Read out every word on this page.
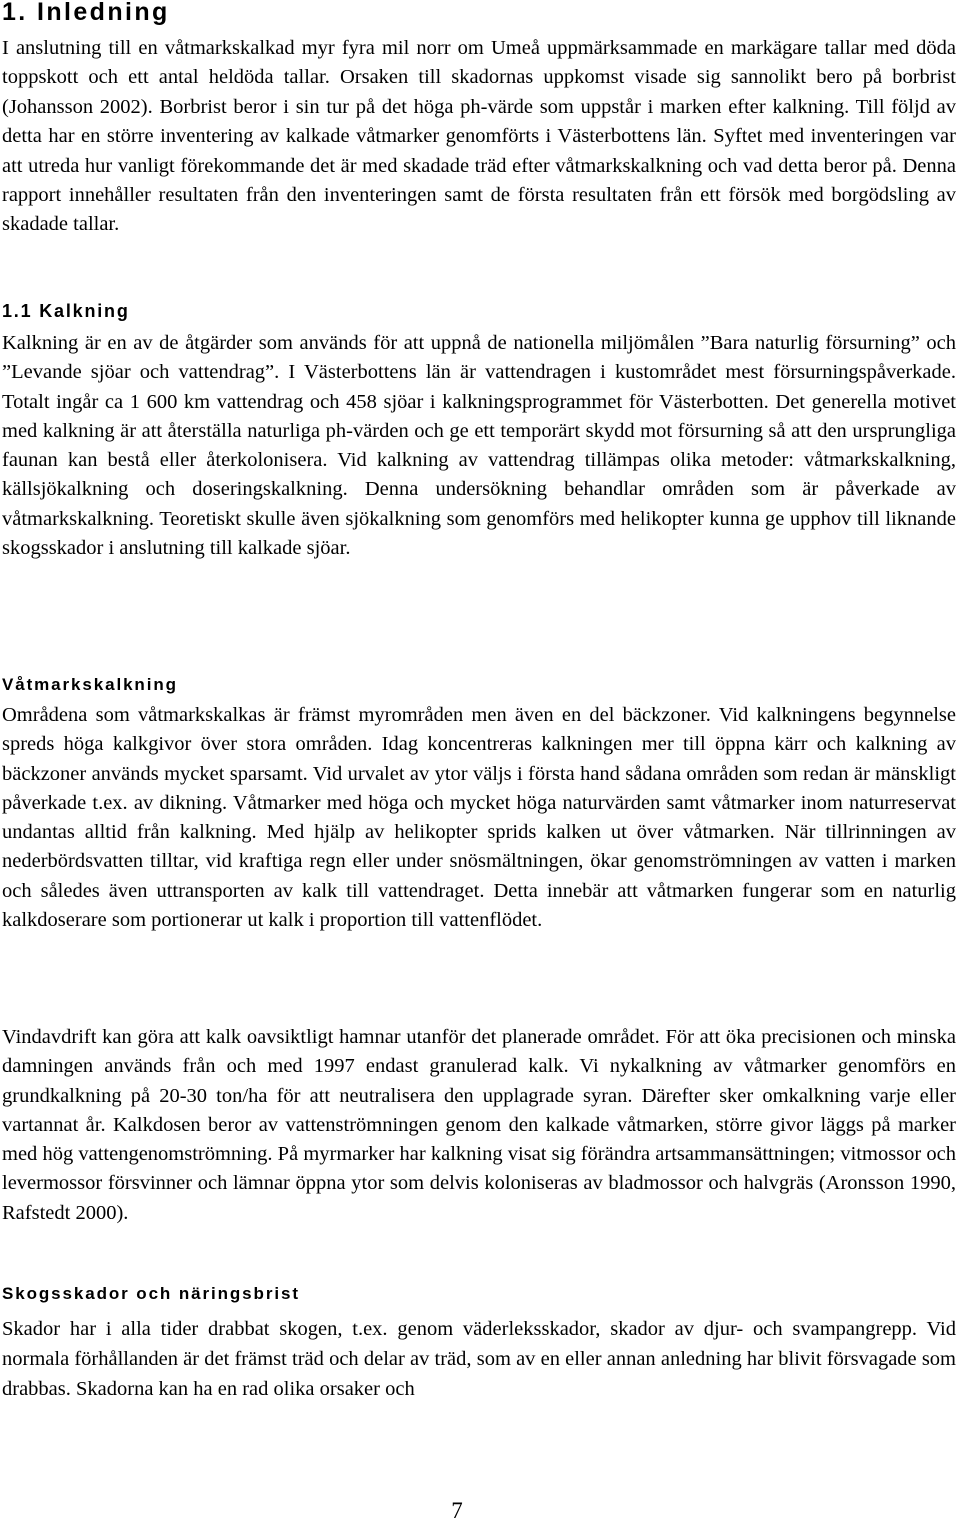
1. Inledning

I anslutning till en våtmarkskalkad myr fyra mil norr om Umeå uppmärksammade en markägare tallar med döda toppskott och ett antal heldöda tallar. Orsaken till skadornas uppkomst visade sig sannolikt bero på borbrist (Johansson 2002). Borbrist beror i sin tur på det höga ph-värde som uppstår i marken efter kalkning. Till följd av detta har en större inventering av kalkade våtmarker genomförts i Västerbottens län. Syftet med inventeringen var att utreda hur vanligt förekommande det är med skadade träd efter våtmarkskalkning och vad detta beror på. Denna rapport innehåller resultaten från den inventeringen samt de första resultaten från ett försök med borgödsling av skadade tallar.

1.1 Kalkning

Kalkning är en av de åtgärder som används för att uppnå de nationella miljömålen ”Bara naturlig försurning” och ”Levande sjöar och vattendrag”. I Västerbottens län är vattendragen i kustområdet mest försurningspåverkade. Totalt ingår ca 1 600 km vattendrag och 458 sjöar i kalkningsprogrammet för Västerbotten. Det generella motivet med kalkning är att återställa naturliga ph-värden och ge ett temporärt skydd mot försurning så att den ursprungliga faunan kan bestå eller återkolonisera. Vid kalkning av vattendrag tillämpas olika metoder: våtmarkskalkning, källsjökalkning och doseringskalkning. Denna undersökning behandlar områden som är påverkade av våtmarkskalkning. Teoretiskt skulle även sjökalkning som genomförs med helikopter kunna ge upphov till liknande skogsskador i anslutning till kalkade sjöar.

Våtmarkskalkning

Områdena som våtmarkskalkas är främst myrområden men även en del bäckzoner. Vid kalkningens begynnelse spreds höga kalkgivor över stora områden. Idag koncentreras kalkningen mer till öppna kärr och kalkning av bäckzoner används mycket sparsamt. Vid urvalet av ytor väljs i första hand sådana områden som redan är mänskligt påverkade t.ex. av dikning. Våtmarker med höga och mycket höga naturvärden samt våtmarker inom naturreservat undantas alltid från kalkning. Med hjälp av helikopter sprids kalken ut över våtmarken. När tillrinningen av nederbördsvatten tilltar, vid kraftiga regn eller under snösmältningen, ökar genomströmningen av vatten i marken och således även uttransporten av kalk till vattendraget. Detta innebär att våtmarken fungerar som en naturlig kalkdoserare som portionerar ut kalk i proportion till vattenflödet.

Vindavdrift kan göra att kalk oavsiktligt hamnar utanför det planerade området. För att öka precisionen och minska damningen används från och med 1997 endast granulerad kalk. Vi nykalkning av våtmarker genomförs en grundkalkning på 20-30 ton/ha för att neutralisera den upplagrade syran. Därefter sker omkalkning varje eller vartannat år. Kalkdosen beror av vattenströmningen genom den kalkade våtmarken, större givor läggs på marker med hög vattengenomströmning. På myrmarker har kalkning visat sig förändra artsammansättningen; vitmossor och levermossor försvinner och lämnar öppna ytor som delvis koloniseras av bladmossor och halvgräs (Aronsson 1990, Rafstedt 2000).

Skogsskador och näringsbrist

Skador har i alla tider drabbat skogen, t.ex. genom väderleksskador, skador av djur- och svampangrepp. Vid normala förhållanden är det främst träd och delar av träd, som av en eller annan anledning har blivit försvagade som drabbas. Skadorna kan ha en rad olika orsaker och

7
